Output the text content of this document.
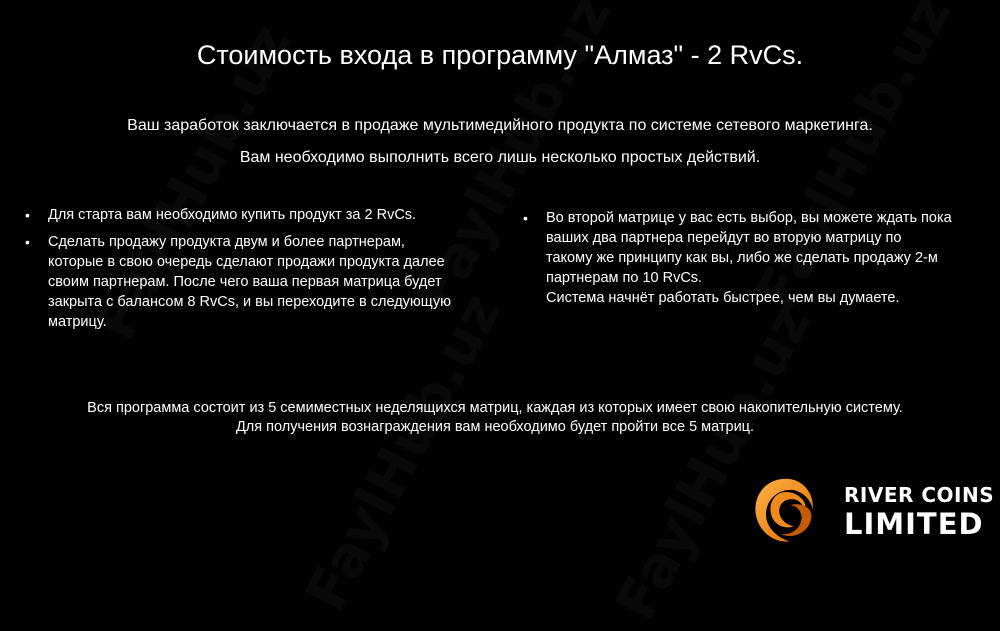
Стоимость входа в программу "Алмаз" - 2 RvCs.
Ваш заработок заключается в продаже мультимедийного продукта по системе сетевого маркетинга.
Вам необходимо выполнить всего лишь несколько простых действий.
• Для старта вам необходимо купить продукт за 2 RvCs.
• Сделать продажу продукта двум и более партнерам,
которые в свою очередь сделают продажи продукта далее
своим партнерам. После чего ваша первая матрица будет
закрыта с балансом 8 RvCs, и вы переходите в следующую
матрицу.
• Во второй матрице у вас есть выбор, вы можете ждать пока
ваших два партнера перейдут во вторую матрицу по
такому же принципу как вы, либо же сделать продажу 2-м
партнерам по 10 RvCs.
Система начнёт работать быстрее, чем вы думаете.
Вся программа состоит из 5 семиместных неделящихся матриц, каждая из которых имеет свою накопительную систему.
Для получения вознаграждения вам необходимо будет пройти все 5 матриц.
RIVER COINS
LIMITED
